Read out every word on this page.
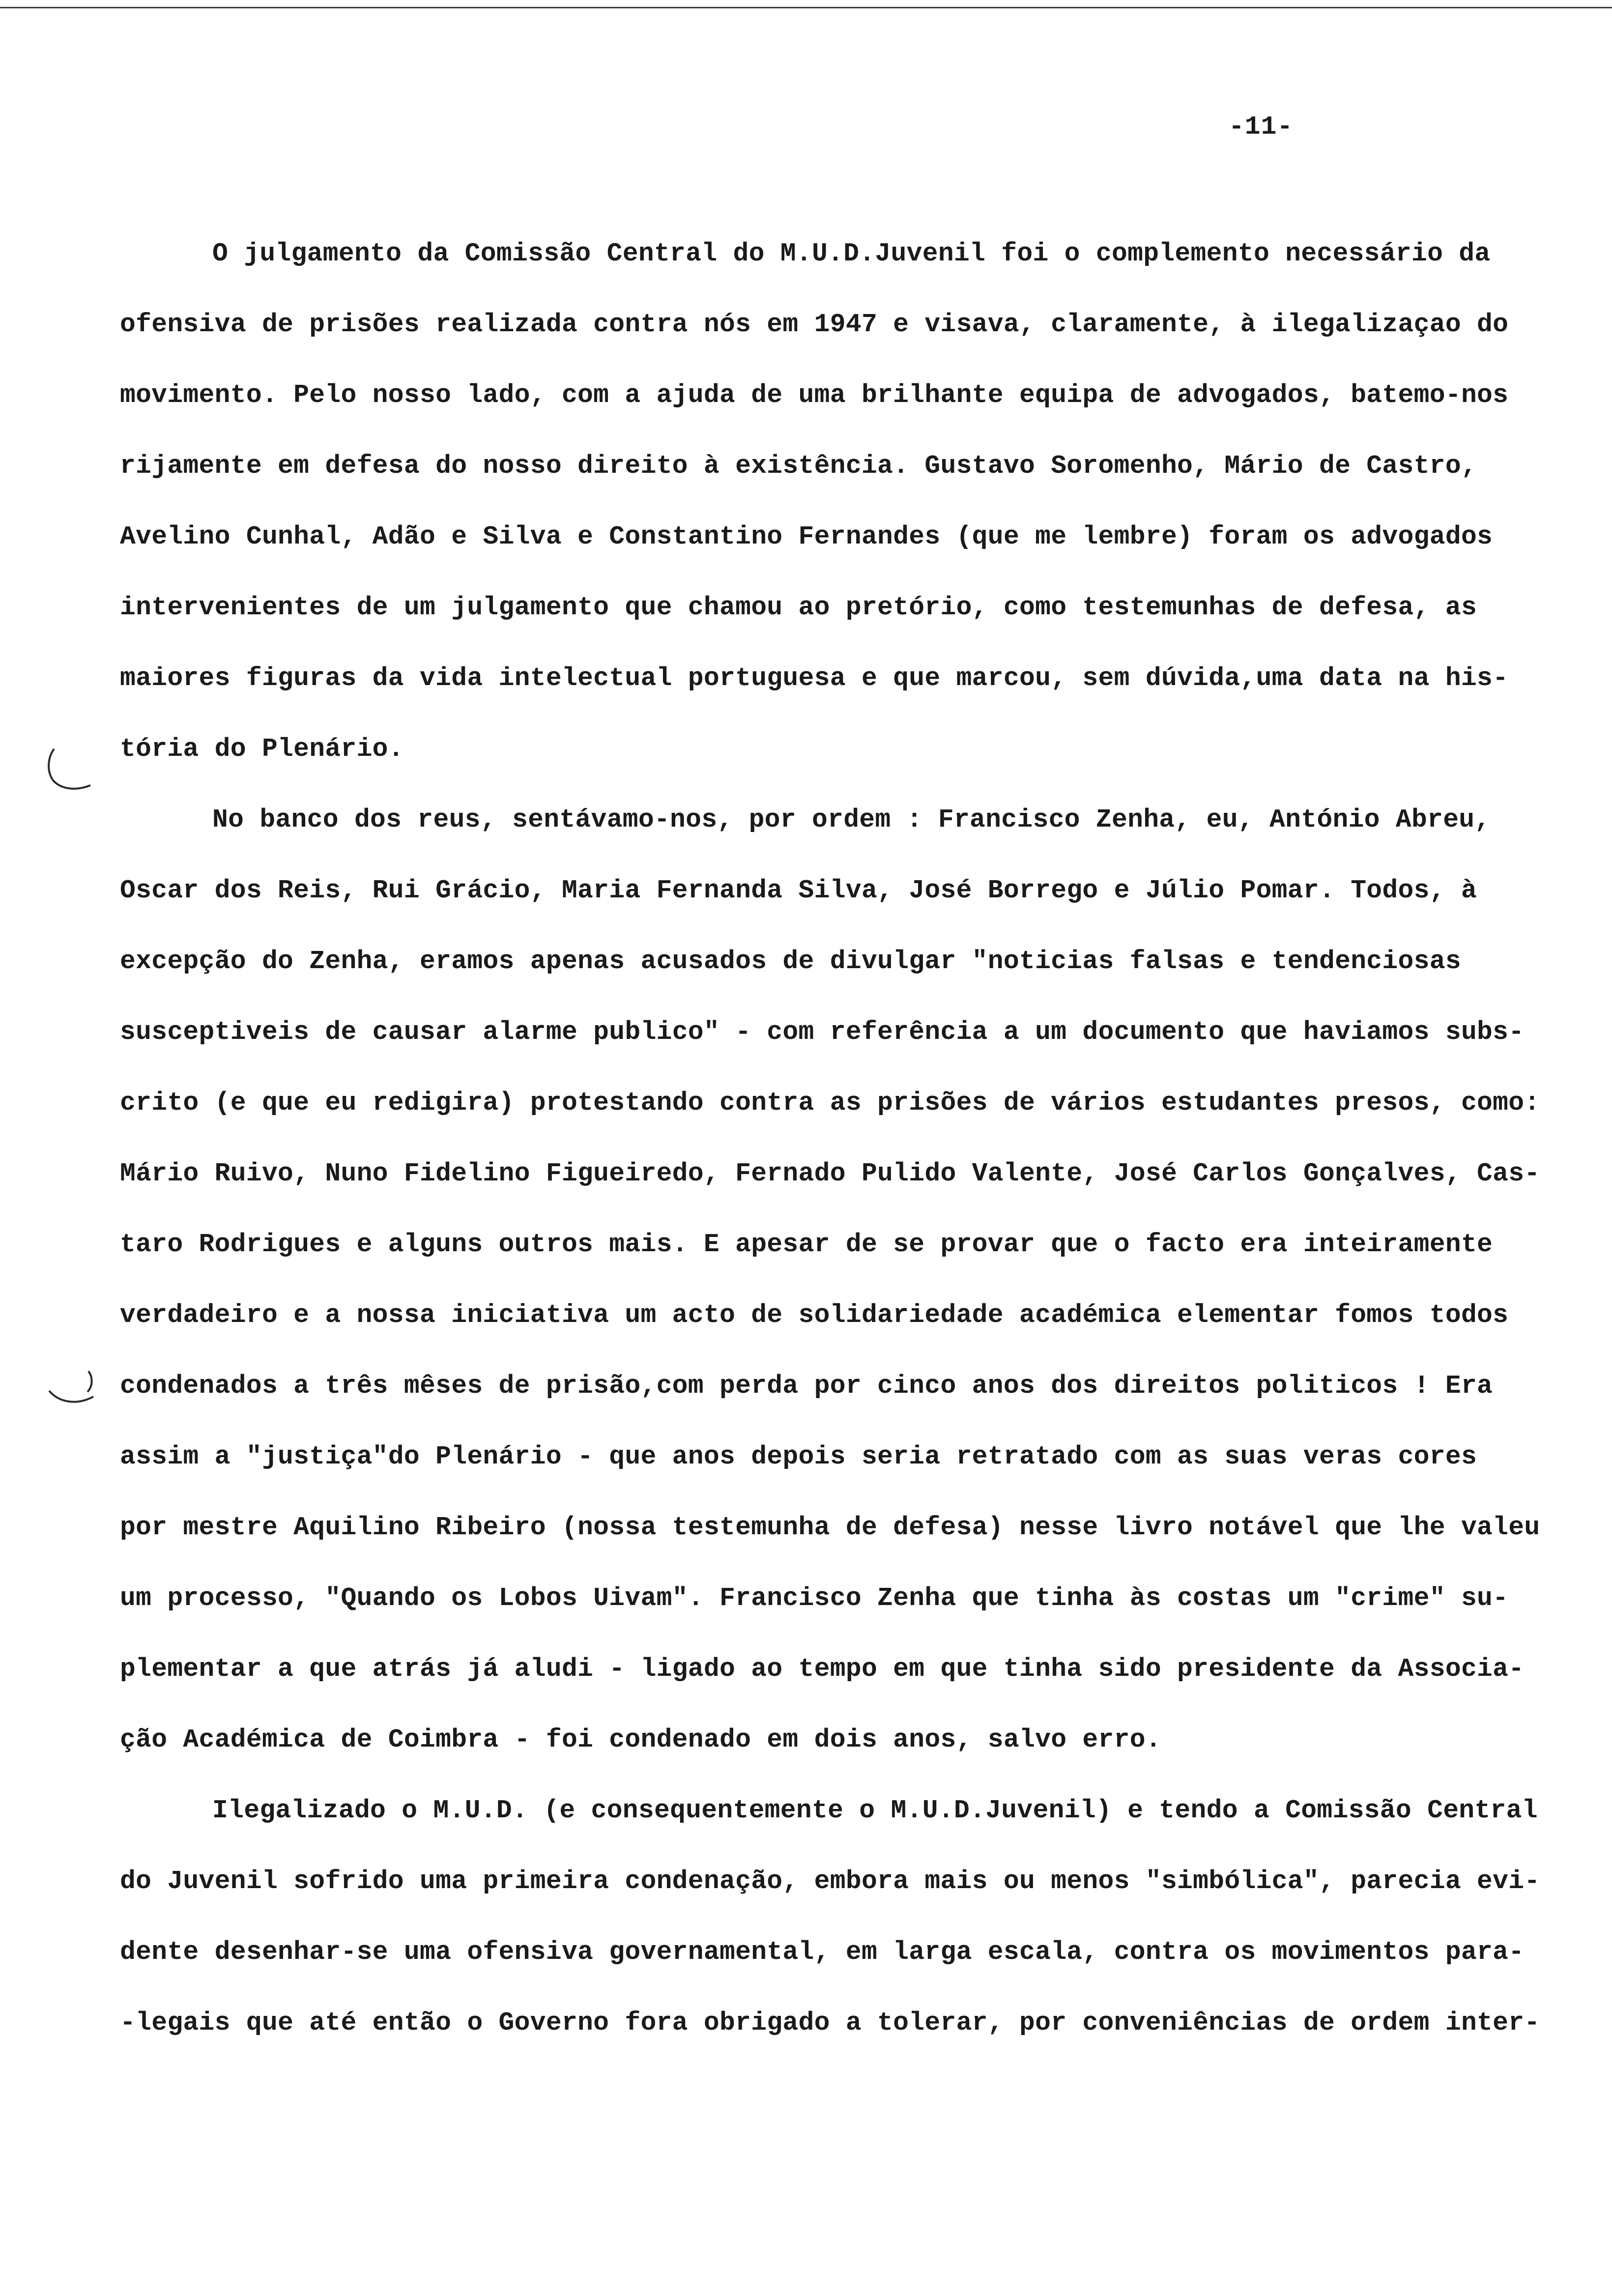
-11-
O julgamento da Comissão Central do M.U.D.Juvenil foi o complemento necessário da
ofensiva de prisões realizada contra nós em 1947 e visava, claramente, à ilegalizaçao do
movimento. Pelo nosso lado, com a ajuda de uma brilhante equipa de advogados, batemo-nos
rijamente em defesa do nosso direito à existência. Gustavo Soromenho, Mário de Castro,
Avelino Cunhal, Adão e Silva e Constantino Fernandes (que me lembre) foram os advogados
intervenientes de um julgamento que chamou ao pretório, como testemunhas de defesa, as
maiores figuras da vida intelectual portuguesa e que marcou, sem dúvida,uma data na his-
tória do Plenário.
No banco dos reus, sentávamo-nos, por ordem : Francisco Zenha, eu, António Abreu,
Oscar dos Reis, Rui Grácio, Maria Fernanda Silva, José Borrego e Júlio Pomar. Todos, à
excepção do Zenha, eramos apenas acusados de divulgar "noticias falsas e tendenciosas
susceptiveis de causar alarme publico" - com referência a um documento que haviamos subs-
crito (e que eu redigira) protestando contra as prisões de vários estudantes presos, como:
Mário Ruivo, Nuno Fidelino Figueiredo, Fernado Pulido Valente, José Carlos Gonçalves, Cas-
taro Rodrigues e alguns outros mais. E apesar de se provar que o facto era inteiramente
verdadeiro e a nossa iniciativa um acto de solidariedade académica elementar fomos todos
condenados a três mêses de prisão,com perda por cinco anos dos direitos politicos ! Era
assim a "justiça"do Plenário - que anos depois seria retratado com as suas veras cores
por mestre Aquilino Ribeiro (nossa testemunha de defesa) nesse livro notável que lhe valeu
um processo, "Quando os Lobos Uivam". Francisco Zenha que tinha às costas um "crime" su-
plementar a que atrás já aludi - ligado ao tempo em que tinha sido presidente da Associa-
ção Académica de Coimbra - foi condenado em dois anos, salvo erro.
Ilegalizado o M.U.D. (e consequentemente o M.U.D.Juvenil) e tendo a Comissão Central
do Juvenil sofrido uma primeira condenação, embora mais ou menos "simbólica", parecia evi-
dente desenhar-se uma ofensiva governamental, em larga escala, contra os movimentos para-
-legais que até então o Governo fora obrigado a tolerar, por conveniências de ordem inter-
